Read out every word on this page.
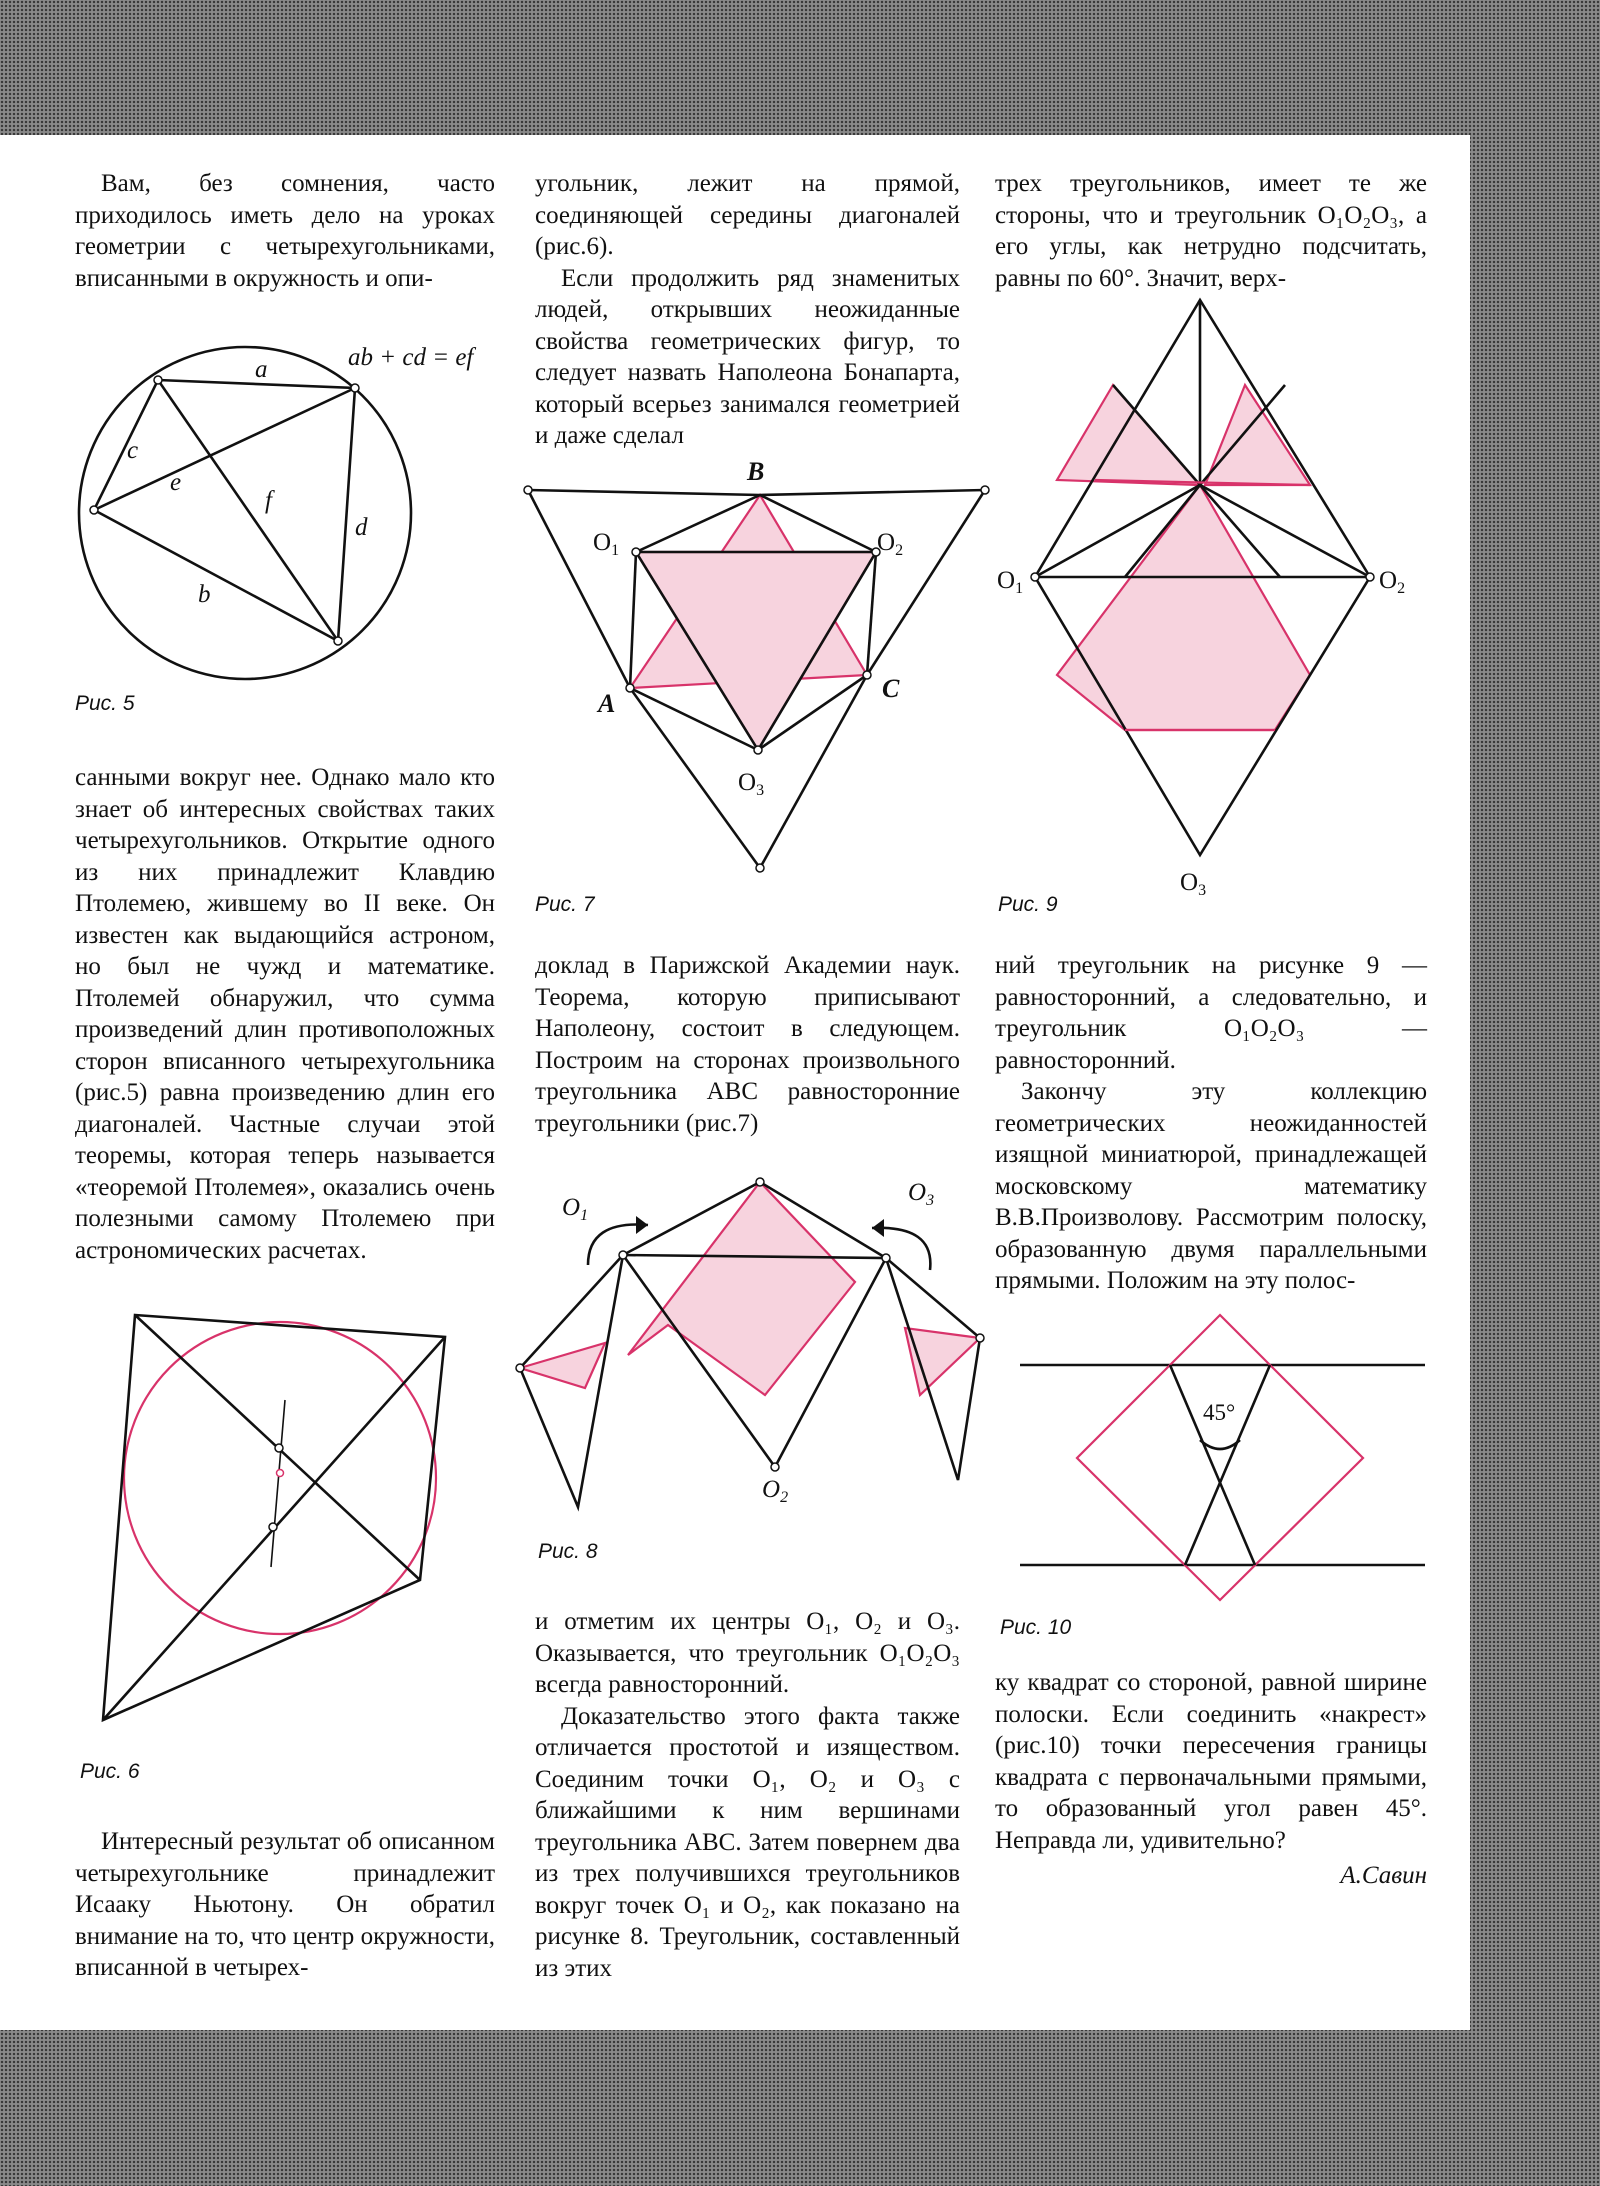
Вам, без сомнения, часто приходилось иметь дело на уроках геометрии с четырехугольниками, вписанными в окружность и опи-

ab + cd = ef
a
c
e
f
d
b
Рис. 5

санными вокруг нее. Однако мало кто знает об интересных свойствах таких четырехугольников. Открытие одного из них принадлежит Клавдию Птолемею, жившему во II веке. Он известен как выдающийся астроном, но был не чужд и математике. Птолемей обнаружил, что сумма произведений длин противоположных сторон вписанного четырехугольника (рис.5) равна произведению длин его диагоналей. Частные случаи этой теоремы, которая теперь называется «теоремой Птолемея», оказались очень полезными самому Птолемею при астрономических расчетах.

Рис. 6

Интересный результат об описанном четырехугольнике принадлежит Исааку Ньютону. Он обратил внимание на то, что центр окружности, вписанной в четырех-

угольник, лежит на прямой, соединяющей середины диагоналей (рис.6).

Если продолжить ряд знаменитых людей, открывших неожиданные свойства геометрических фигур, то следует назвать Наполеона Бонапарта, который всерьез занимался геометрией и даже сделал

B
A
C
$O_1$	$O_2$
$O_3$
Рис. 7

доклад в Парижской Академии наук. Теорема, которую приписывают Наполеону, состоит в следующем. Построим на сторонах произвольного треугольника ABC равносторонние треугольники (рис.7)

$O_1$
$O_3$
$O_2$
Рис. 8

и отметим их центры O₁, O₂ и O₃. Оказывается, что треугольник O₁O₂O₃ всегда равносторонний.

Доказательство этого факта также отличается простотой и изяществом. Соединим точки O₁, O₂ и O₃ с ближайшими к ним вершинами треугольника ABC. Затем повернем два из трех получившихся треугольников вокруг точек O₁ и O₂, как показано на рисунке 8. Треугольник, составленный из этих

трех треугольников, имеет те же стороны, что и треугольник O₁O₂O₃, а его углы, как нетрудно подсчитать, равны по 60°. Значит, верх-

$O_1$	$O_2$
$O_3$
Рис. 9

ний треугольник на рисунке 9 — равносторонний, а следовательно, и треугольник O₁O₂O₃ — равносторонний.

Закончу эту коллекцию геометрических неожиданностей изящной миниатюрой, принадлежащей московскому математику В.В.Произволову. Рассмотрим полоску, образованную двумя параллельными прямыми. Положим на эту полос-

45°
Рис. 10

ку квадрат со стороной, равной ширине полоски. Если соединить «накрест» (рис.10) точки пересечения границы квадрата с первоначальными прямыми, то образованный угол равен 45°. Неправда ли, удивительно?

А.Савин
